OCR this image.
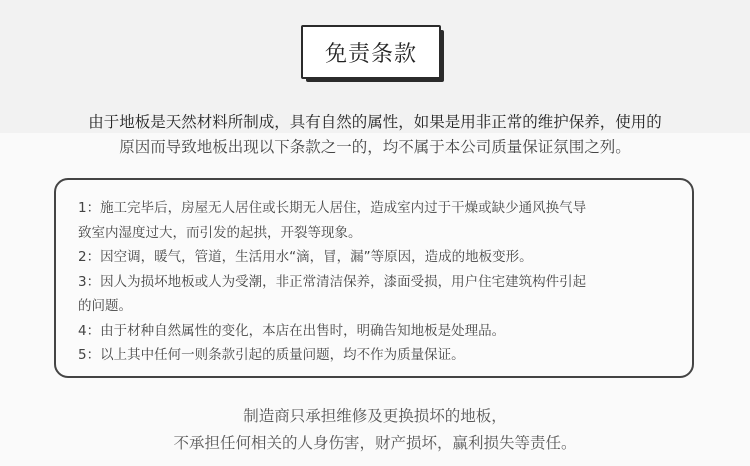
免责条款
由于地板是天然材料所制成，具有自然的属性，如果是用非正常的维护保养，使用的
原因而导致地板出现以下条款之一的，均不属于本公司质量保证氛围之列。
1：施工完毕后，房屋无人居住或长期无人居住，造成室内过于干燥或缺少通风换气导
致室内湿度过大，而引发的起拱，开裂等现象。
2：因空调，暖气，管道，生活用水“滴，冒，漏”等原因，造成的地板变形。
3：因人为损坏地板或人为受潮，非正常清洁保养，漆面受损，用户住宅建筑构件引起
的问题。
4：由于材种自然属性的变化，本店在出售时，明确告知地板是处理品。
5：以上其中任何一则条款引起的质量问题，均不作为质量保证。
制造商只承担维修及更换损坏的地板，
不承担任何相关的人身伤害，财产损坏，赢利损失等责任。
